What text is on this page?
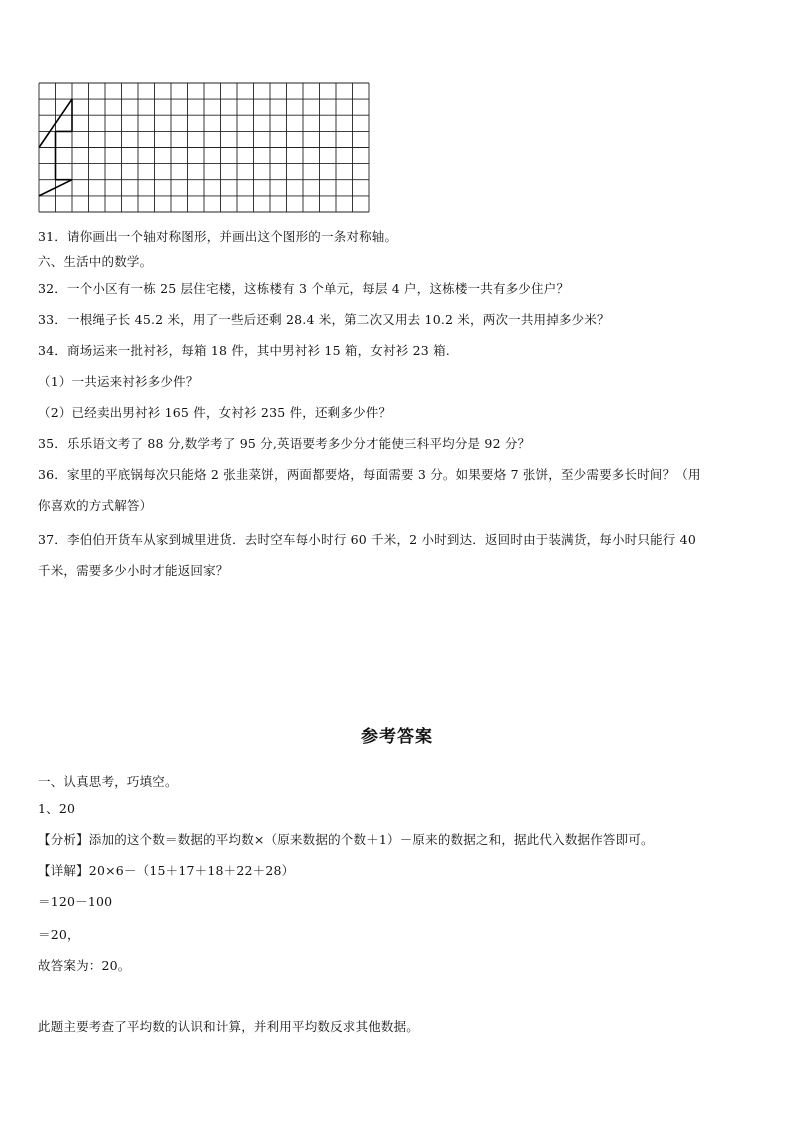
31．请你画出一个轴对称图形，并画出这个图形的一条对称轴。
六、生活中的数学。
32．一个小区有一栋 25 层住宅楼，这栋楼有 3 个单元，每层 4 户，这栋楼一共有多少住户？
33．一根绳子长 45.2 米，用了一些后还剩 28.4 米，第二次又用去 10.2 米，两次一共用掉多少米？
34．商场运来一批衬衫，每箱 18 件，其中男衬衫 15 箱，女衬衫 23 箱.
（1）一共运来衬衫多少件？
（2）已经卖出男衬衫 165 件，女衬衫 235 件，还剩多少件？
35．乐乐语文考了 88 分,数学考了 95 分,英语要考多少分才能使三科平均分是 92 分？
36．家里的平底锅每次只能烙 2 张韭菜饼，两面都要烙，每面需要 3 分。如果要烙 7 张饼，至少需要多长时间？（用
你喜欢的方式解答）
37．李伯伯开货车从家到城里进货．去时空车每小时行 60 千米，2 小时到达．返回时由于装满货，每小时只能行 40
千米，需要多少小时才能返回家？
参考答案
一、认真思考，巧填空。
1、20
【分析】添加的这个数＝数据的平均数×（原来数据的个数＋1）－原来的数据之和，据此代入数据作答即可。
【详解】20×6－（15＋17＋18＋22＋28）
＝120－100
＝20，
故答案为：20。
此题主要考查了平均数的认识和计算，并利用平均数反求其他数据。
